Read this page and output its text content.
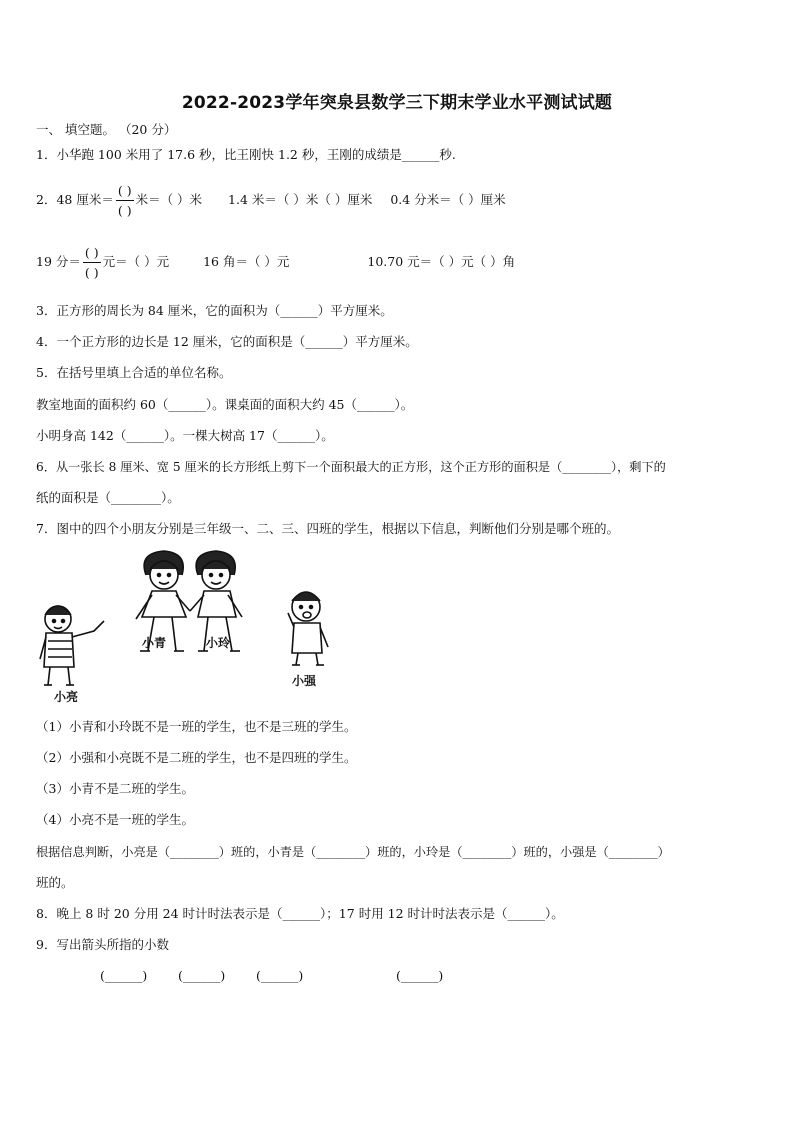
2022-2023学年突泉县数学三下期末学业水平测试试题
一、 填空题。 （20 分）
1．小华跑 100 米用了 17.6 秒，比王刚快 1.2 秒，王刚的成绩是______秒.
2．48 厘米＝ $\frac{( )}{( )}$ 米＝（ ）米 1.4 米＝（ ）米（ ）厘米 0.4 分米＝（ ）厘米
19 分＝ $\frac{( )}{( )}$ 元＝（ ）元	16 角＝（ ）元	10.70 元＝（ ）元（ ）角
3．正方形的周长为 84 厘米，它的面积为（______）平方厘米。
4．一个正方形的边长是 12 厘米，它的面积是（______）平方厘米。
5．在括号里填上合适的单位名称。
教室地面的面积约 60（______）。课桌面的面积大约 45（______）。
小明身高 142（______）。一棵大树高 17（______）。
6．从一张长 8 厘米、宽 5 厘米的长方形纸上剪下一个面积最大的正方形，这个正方形的面积是（________），剩下的
纸的面积是（________）。
7．图中的四个小朋友分别是三年级一、二、三、四班的学生，根据以下信息，判断他们分别是哪个班的。
小青	小玲
小亮
小强
（1）小青和小玲既不是一班的学生，也不是三班的学生。
（2）小强和小亮既不是二班的学生，也不是四班的学生。
（3）小青不是二班的学生。
（4）小亮不是一班的学生。
根据信息判断，小亮是（________）班的，小青是（________）班的，小玲是（________）班的，小强是（________）
班的。
8．晚上 8 时 20 分用 24 时计时法表示是（______）；17 时用 12 时计时法表示是（______）。
9．写出箭头所指的小数
(______) (______) (______)	(______)
